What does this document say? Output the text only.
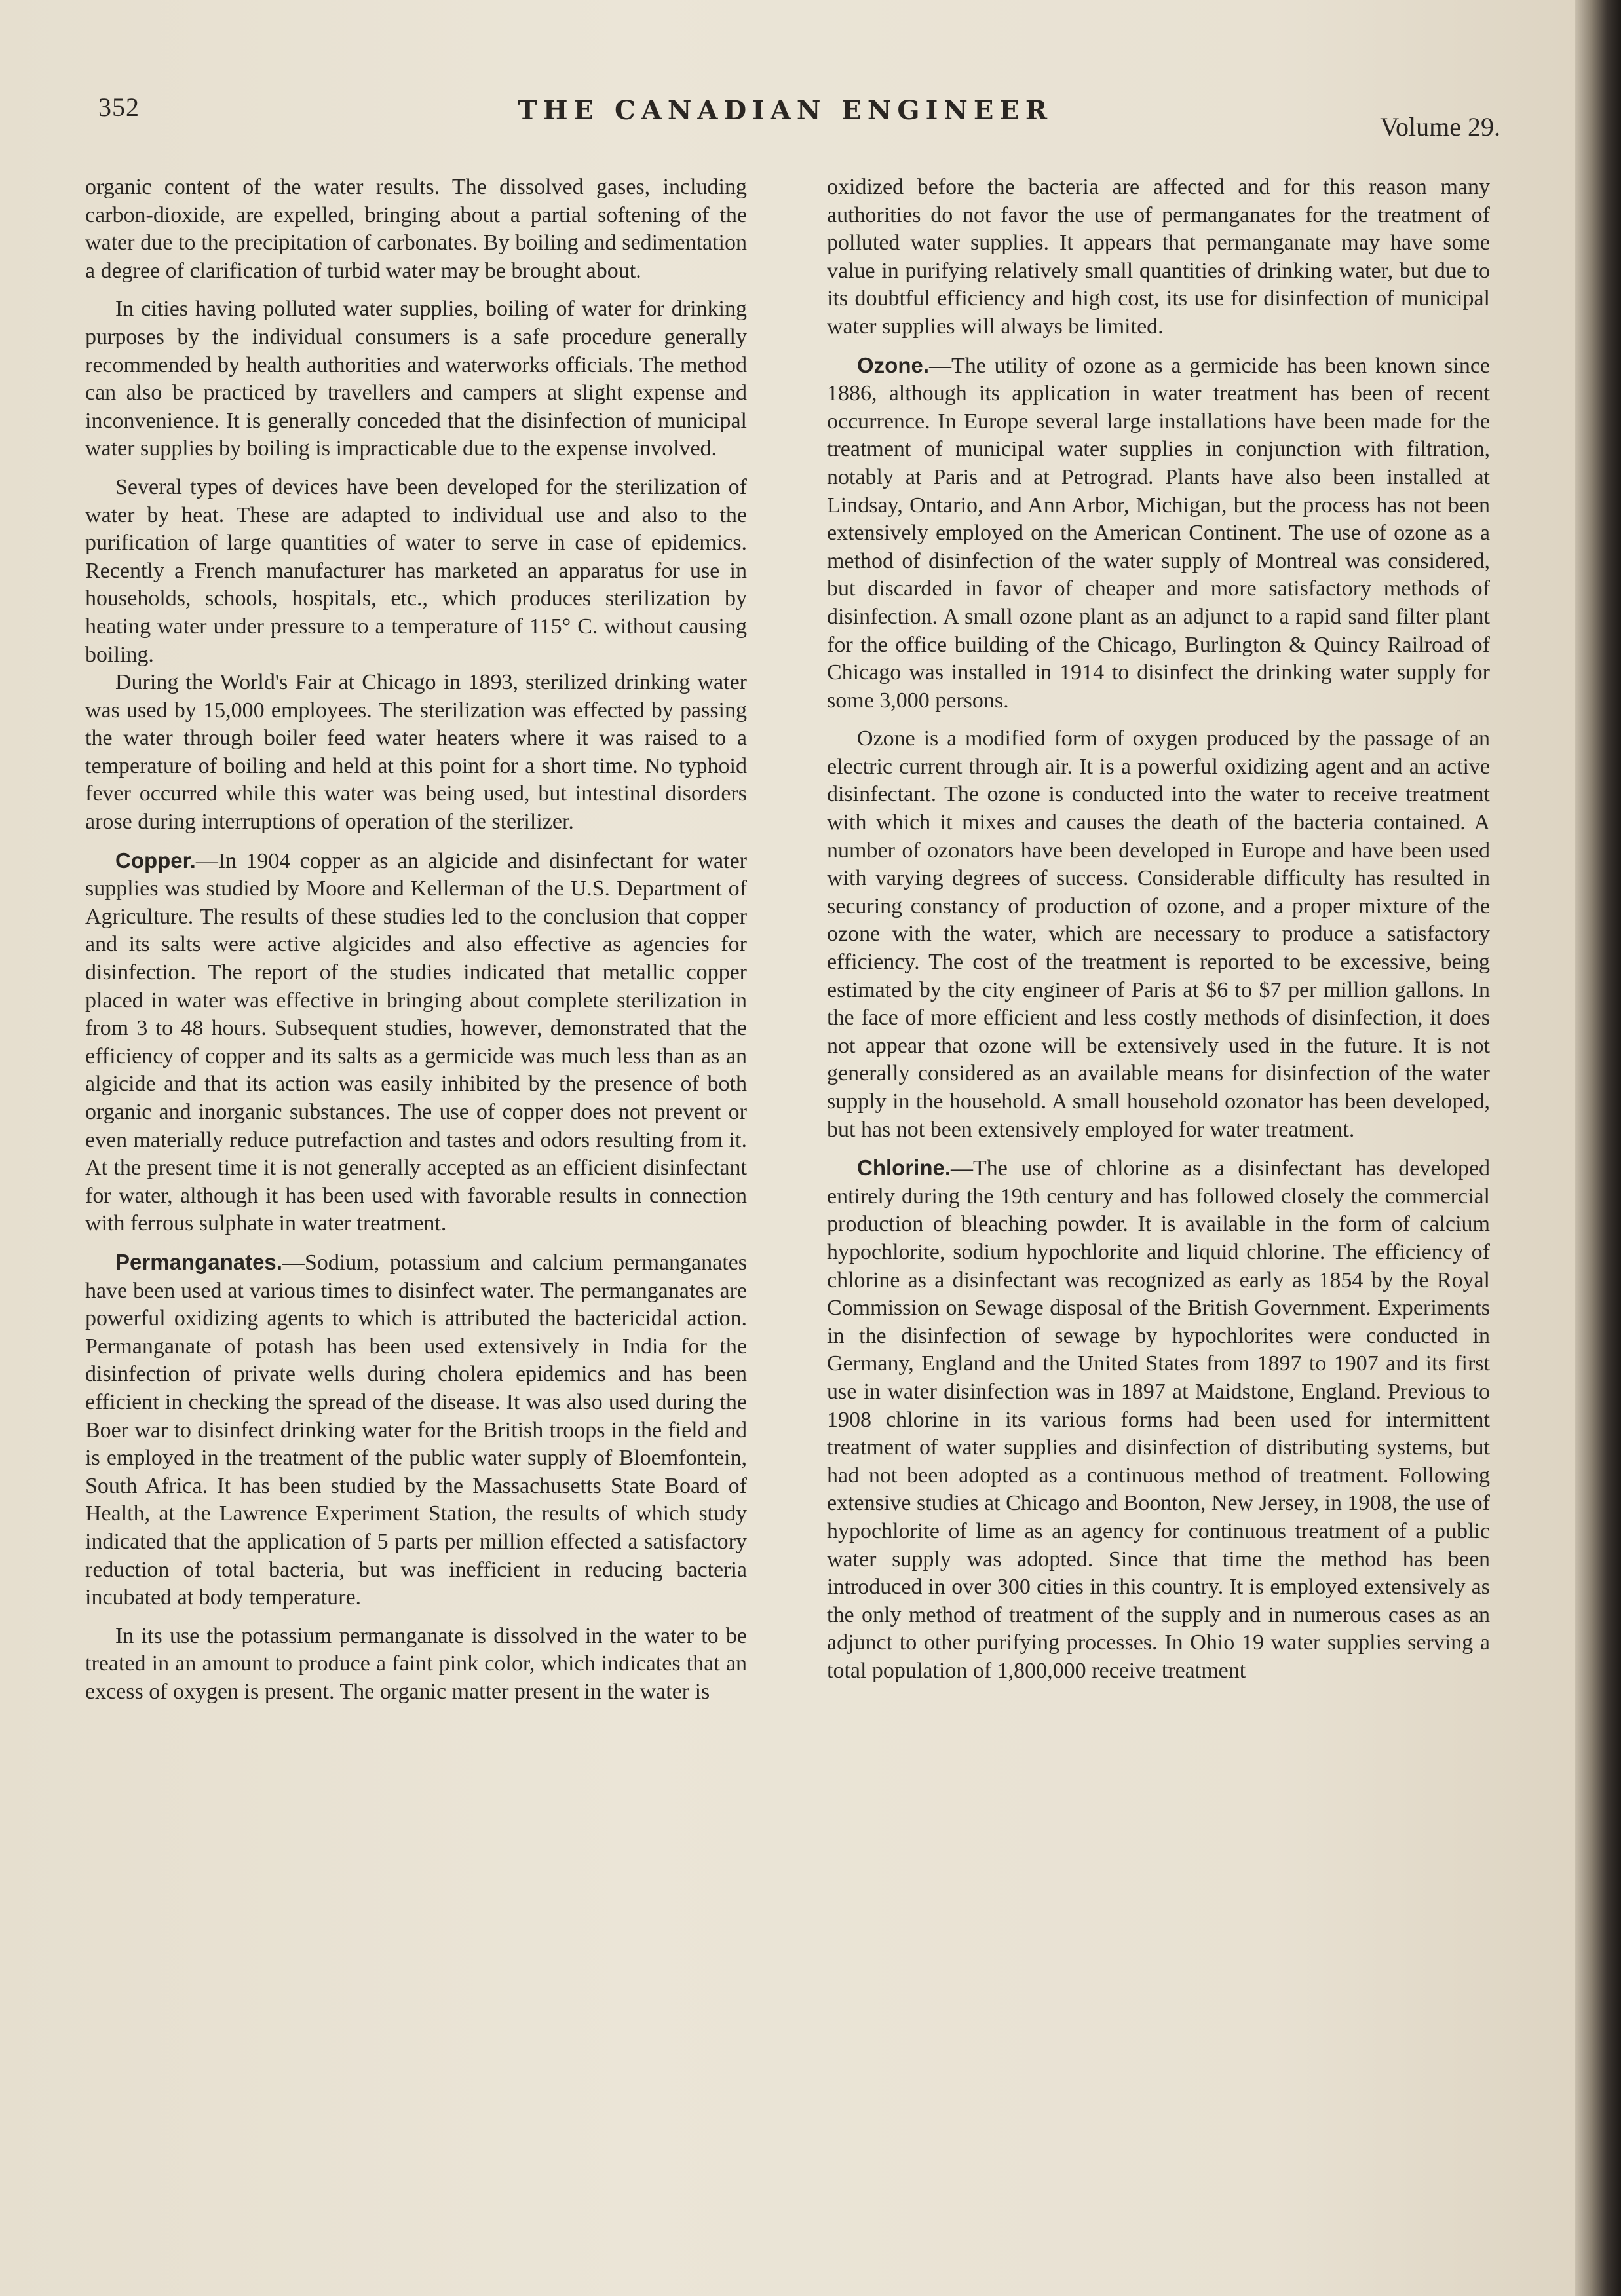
352	THE CANADIAN ENGINEER
Volume 29.

organic content of the water results. The dissolved gases, including carbon-dioxide, are expelled, bringing about a partial softening of the water due to the precipitation of carbonates. By boiling and sedimentation a degree of clarification of turbid water may be brought about.

In cities having polluted water supplies, boiling of water for drinking purposes by the individual consumers is a safe procedure generally recommended by health authorities and waterworks officials. The method can also be practiced by travellers and campers at slight expense and inconvenience. It is generally conceded that the disinfection of municipal water supplies by boiling is impracticable due to the expense involved.

Several types of devices have been developed for the sterilization of water by heat. These are adapted to individual use and also to the purification of large quantities of water to serve in case of epidemics. Recently a French manufacturer has marketed an apparatus for use in households, schools, hospitals, etc., which produces sterilization by heating water under pressure to a temperature of 115° C. without causing boiling.

During the World's Fair at Chicago in 1893, sterilized drinking water was used by 15,000 employees. The sterilization was effected by passing the water through boiler feed water heaters where it was raised to a temperature of boiling and held at this point for a short time. No typhoid fever occurred while this water was being used, but intestinal disorders arose during interruptions of operation of the sterilizer.

Copper.—In 1904 copper as an algicide and disinfectant for water supplies was studied by Moore and Kellerman of the U.S. Department of Agriculture. The results of these studies led to the conclusion that copper and its salts were active algicides and also effective as agencies for disinfection. The report of the studies indicated that metallic copper placed in water was effective in bringing about complete sterilization in from 3 to 48 hours. Subsequent studies, however, demonstrated that the efficiency of copper and its salts as a germicide was much less than as an algicide and that its action was easily inhibited by the presence of both organic and inorganic substances. The use of copper does not prevent or even materially reduce putrefaction and tastes and odors resulting from it. At the present time it is not generally accepted as an efficient disinfectant for water, although it has been used with favorable results in connection with ferrous sulphate in water treatment.

Permanganates.—Sodium, potassium and calcium permanganates have been used at various times to disinfect water. The permanganates are powerful oxidizing agents to which is attributed the bactericidal action. Permanganate of potash has been used extensively in India for the disinfection of private wells during cholera epidemics and has been efficient in checking the spread of the disease. It was also used during the Boer war to disinfect drinking water for the British troops in the field and is employed in the treatment of the public water supply of Bloemfontein, South Africa. It has been studied by the Massachusetts State Board of Health, at the Lawrence Experiment Station, the results of which study indicated that the application of 5 parts per million effected a satisfactory reduction of total bacteria, but was inefficient in reducing bacteria incubated at body temperature.

In its use the potassium permanganate is dissolved in the water to be treated in an amount to produce a faint pink color, which indicates that an excess of oxygen is present. The organic matter present in the water is

oxidized before the bacteria are affected and for this reason many authorities do not favor the use of permanganates for the treatment of polluted water supplies. It appears that permanganate may have some value in purifying relatively small quantities of drinking water, but due to its doubtful efficiency and high cost, its use for disinfection of municipal water supplies will always be limited.

Ozone.—The utility of ozone as a germicide has been known since 1886, although its application in water treatment has been of recent occurrence. In Europe several large installations have been made for the treatment of municipal water supplies in conjunction with filtration, notably at Paris and at Petrograd. Plants have also been installed at Lindsay, Ontario, and Ann Arbor, Michigan, but the process has not been extensively employed on the American Continent. The use of ozone as a method of disinfection of the water supply of Montreal was considered, but discarded in favor of cheaper and more satisfactory methods of disinfection. A small ozone plant as an adjunct to a rapid sand filter plant for the office building of the Chicago, Burlington & Quincy Railroad of Chicago was installed in 1914 to disinfect the drinking water supply for some 3,000 persons.

Ozone is a modified form of oxygen produced by the passage of an electric current through air. It is a powerful oxidizing agent and an active disinfectant. The ozone is conducted into the water to receive treatment with which it mixes and causes the death of the bacteria contained. A number of ozonators have been developed in Europe and have been used with varying degrees of success. Considerable difficulty has resulted in securing constancy of production of ozone, and a proper mixture of the ozone with the water, which are necessary to produce a satisfactory efficiency. The cost of the treatment is reported to be excessive, being estimated by the city engineer of Paris at $6 to $7 per million gallons. In the face of more efficient and less costly methods of disinfection, it does not appear that ozone will be extensively used in the future. It is not generally considered as an available means for disinfection of the water supply in the household. A small household ozonator has been developed, but has not been extensively employed for water treatment.

Chlorine.—The use of chlorine as a disinfectant has developed entirely during the 19th century and has followed closely the commercial production of bleaching powder. It is available in the form of calcium hypochlorite, sodium hypochlorite and liquid chlorine. The efficiency of chlorine as a disinfectant was recognized as early as 1854 by the Royal Commission on Sewage disposal of the British Government. Experiments in the disinfection of sewage by hypochlorites were conducted in Germany, England and the United States from 1897 to 1907 and its first use in water disinfection was in 1897 at Maidstone, England. Previous to 1908 chlorine in its various forms had been used for intermittent treatment of water supplies and disinfection of distributing systems, but had not been adopted as a continuous method of treatment. Following extensive studies at Chicago and Boonton, New Jersey, in 1908, the use of hypochlorite of lime as an agency for continuous treatment of a public water supply was adopted. Since that time the method has been introduced in over 300 cities in this country. It is employed extensively as the only method of treatment of the supply and in numerous cases as an adjunct to other purifying processes. In Ohio 19 water supplies serving a total population of 1,800,000 receive treatment
